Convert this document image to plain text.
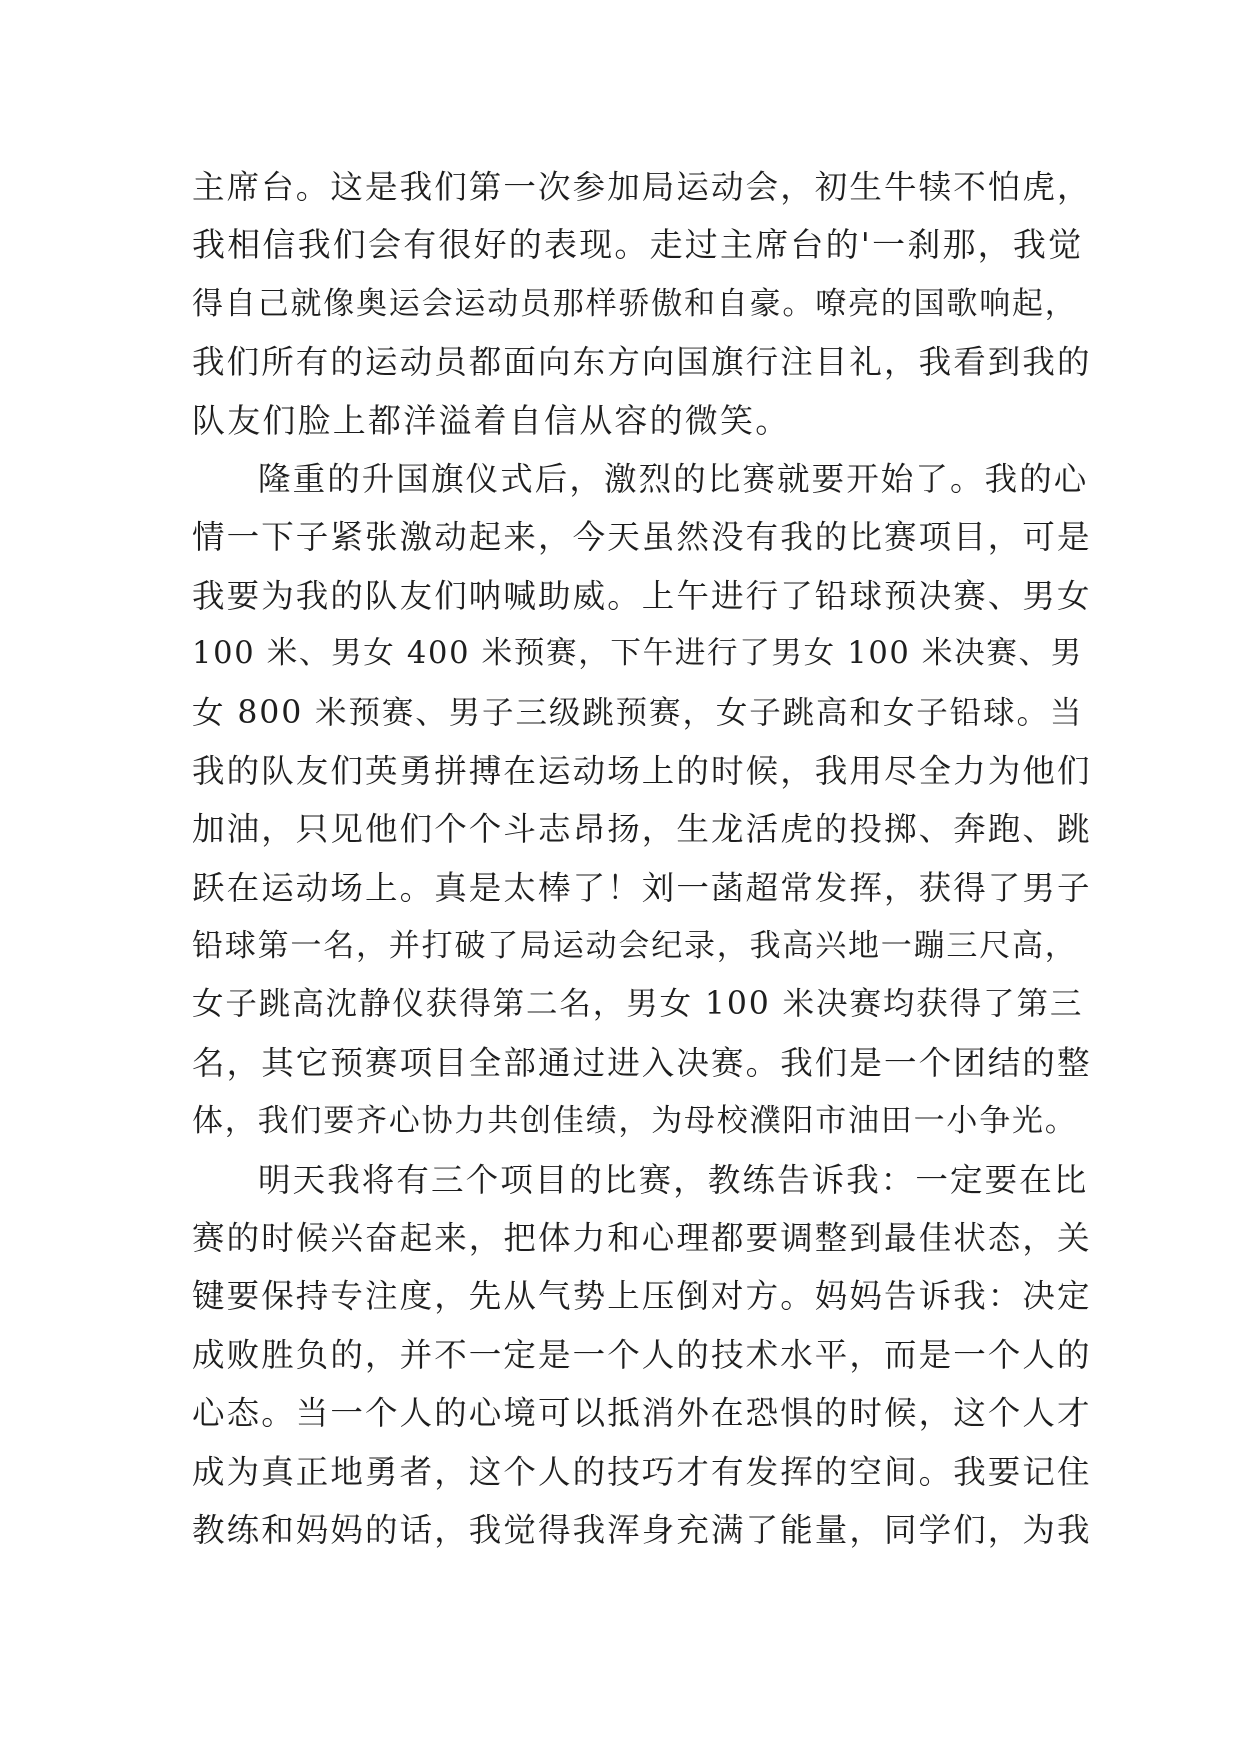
主席台。这是我们第一次参加局运动会，初生牛犊不怕虎，
我相信我们会有很好的表现。走过主席台的'一刹那，我觉
得自己就像奥运会运动员那样骄傲和自豪。嘹亮的国歌响起，
我们所有的运动员都面向东方向国旗行注目礼，我看到我的
队友们脸上都洋溢着自信从容的微笑。
隆重的升国旗仪式后，激烈的比赛就要开始了。我的心
情一下子紧张激动起来，今天虽然没有我的比赛项目，可是
我要为我的队友们呐喊助威。上午进行了铅球预决赛、男女
100 米、男女 400 米预赛，下午进行了男女 100 米决赛、男
女 800 米预赛、男子三级跳预赛，女子跳高和女子铅球。当
我的队友们英勇拼搏在运动场上的时候，我用尽全力为他们
加油，只见他们个个斗志昂扬，生龙活虎的投掷、奔跑、跳
跃在运动场上。真是太棒了！刘一菡超常发挥，获得了男子
铅球第一名，并打破了局运动会纪录，我高兴地一蹦三尺高，
女子跳高沈静仪获得第二名，男女 100 米决赛均获得了第三
名，其它预赛项目全部通过进入决赛。我们是一个团结的整
体，我们要齐心协力共创佳绩，为母校濮阳市油田一小争光。
明天我将有三个项目的比赛，教练告诉我：一定要在比
赛的时候兴奋起来，把体力和心理都要调整到最佳状态，关
键要保持专注度，先从气势上压倒对方。妈妈告诉我：决定
成败胜负的，并不一定是一个人的技术水平，而是一个人的
心态。当一个人的心境可以抵消外在恐惧的时候，这个人才
成为真正地勇者，这个人的技巧才有发挥的空间。我要记住
教练和妈妈的话，我觉得我浑身充满了能量，同学们，为我
